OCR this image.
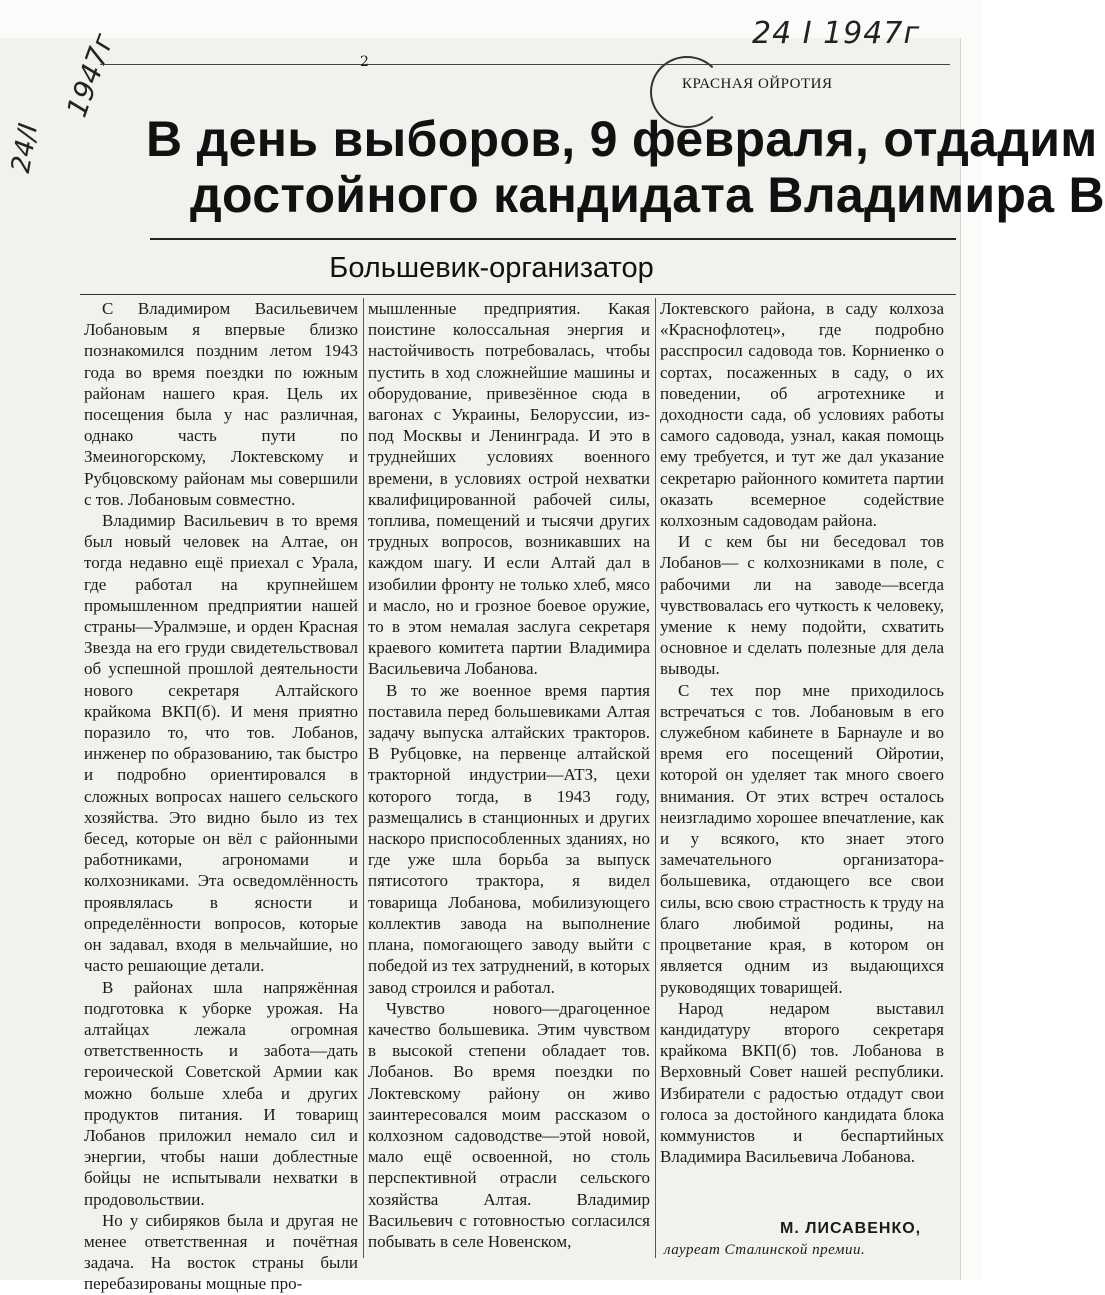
24 I 1947г
24/I
1947г	2
КРАСНАЯ ОЙРОТИЯ
В день выборов, 9 февраля, отдадим
достойного кандидата Владимира В
Большевик-организатор

С Владимиром Васильевичем Лобановым я впервые близко познакомился поздним летом 1943 года во время поездки по южным районам нашего края. Цель их посещения была у нас различная, однако часть пути по Змеиногорскому, Локтевскому и Рубцовскому районам мы совершили с тов. Лобановым совместно.

Владимир Васильевич в то время был новый человек на Алтае, он тогда недавно ещё приехал с Урала, где работал на крупнейшем промышленном предприятии нашей страны—Уралмэше, и орден Красная Звезда на его груди свидетельствовал об успешной прошлой деятельности нового секретаря Алтайского крайкома ВКП(б). И меня приятно поразило то, что тов. Лобанов, инженер по образованию, так быстро и подробно ориентировался в сложных вопросах нашего сельского хозяйства. Это видно было из тех бесед, которые он вёл с районными работниками, агрономами и колхозниками. Эта осведомлённость проявлялась в ясности и определённости вопросов, которые он задавал, входя в мельчайшие, но часто решающие детали.

В районах шла напряжённая подготовка к уборке урожая. На алтайцах лежала огромная ответственность и забота—дать героической Советской Армии как можно больше хлеба и других продуктов питания. И товарищ Лобанов приложил немало сил и энергии, чтобы наши доблестные бойцы не испытывали нехватки в продовольствии.

Но у сибиряков была и другая не менее ответственная и почётная задача. На восток страны были перебазированы мощные про-

мышленные предприятия. Какая поистине колоссальная энергия и настойчивость потребовалась, чтобы пустить в ход сложнейшие машины и оборудование, привезённое сюда в вагонах с Украины, Белоруссии, из-под Москвы и Ленинграда. И это в труднейших условиях военного времени, в условиях острой нехватки квалифицированной рабочей силы, топлива, помещений и тысячи других трудных вопросов, возникавших на каждом шагу. И если Алтай дал в изобилии фронту не только хлеб, мясо и масло, но и грозное боевое оружие, то в этом немалая заслуга секретаря краевого комитета партии Владимира Васильевича Лобанова.

В то же военное время партия поставила перед большевиками Алтая задачу выпуска алтайских тракторов. В Рубцовке, на первенце алтайской тракторной индустрии—АТЗ, цехи которого тогда, в 1943 году, размещались в станционных и других наскоро приспособленных зданиях, но где уже шла борьба за выпуск пятисотого трактора, я видел товарища Лобанова, мобилизующего коллектив завода на выполнение плана, помогающего заводу выйти с победой из тех затруднений, в которых завод строился и работал.

Чувство нового—драгоценное качество большевика. Этим чувством в высокой степени обладает тов. Лобанов. Во время поездки по Локтевскому району он живо заинтересовался моим рассказом о колхозном садоводстве—этой новой, мало ещё освоенной, но столь перспективной отрасли сельского хозяйства Алтая. Владимир Васильевич с готовностью согласился побывать в селе Новенском,

Локтевского района, в саду колхоза «Краснофлотец», где подробно расспросил садовода тов. Корниенко о сортах, посаженных в саду, о их поведении, об агротехнике и доходности сада, об условиях работы самого садовода, узнал, какая помощь ему требуется, и тут же дал указание секретарю районного комитета партии оказать всемерное содействие колхозным садоводам района.

И с кем бы ни беседовал тов Лобанов— с колхозниками в поле, с рабочими ли на заводе—всегда чувствовалась его чуткость к человеку, умение к нему подойти, схватить основное и сделать полезные для дела выводы.

С тех пор мне приходилось встречаться с тов. Лобановым в его служебном кабинете в Барнауле и во время его посещений Ойротии, которой он уделяет так много своего внимания. От этих встреч осталось неизгладимо хорошее впечатление, как и у всякого, кто знает этого замечательного организатора-большевика, отдающего все свои силы, всю свою страстность к труду на благо любимой родины, на процветание края, в котором он является одним из выдающихся руководящих товарищей.

Народ недаром выставил кандидатуру второго секретаря крайкома ВКП(б) тов. Лобанова в Верховный Совет нашей республики. Избиратели с радостью отдадут свои голоса за достойного кандидата блока коммунистов и беспартийных Владимира Васильевича Лобанова.

М. ЛИСАВЕНКО,
лауреат Сталинской премии.
